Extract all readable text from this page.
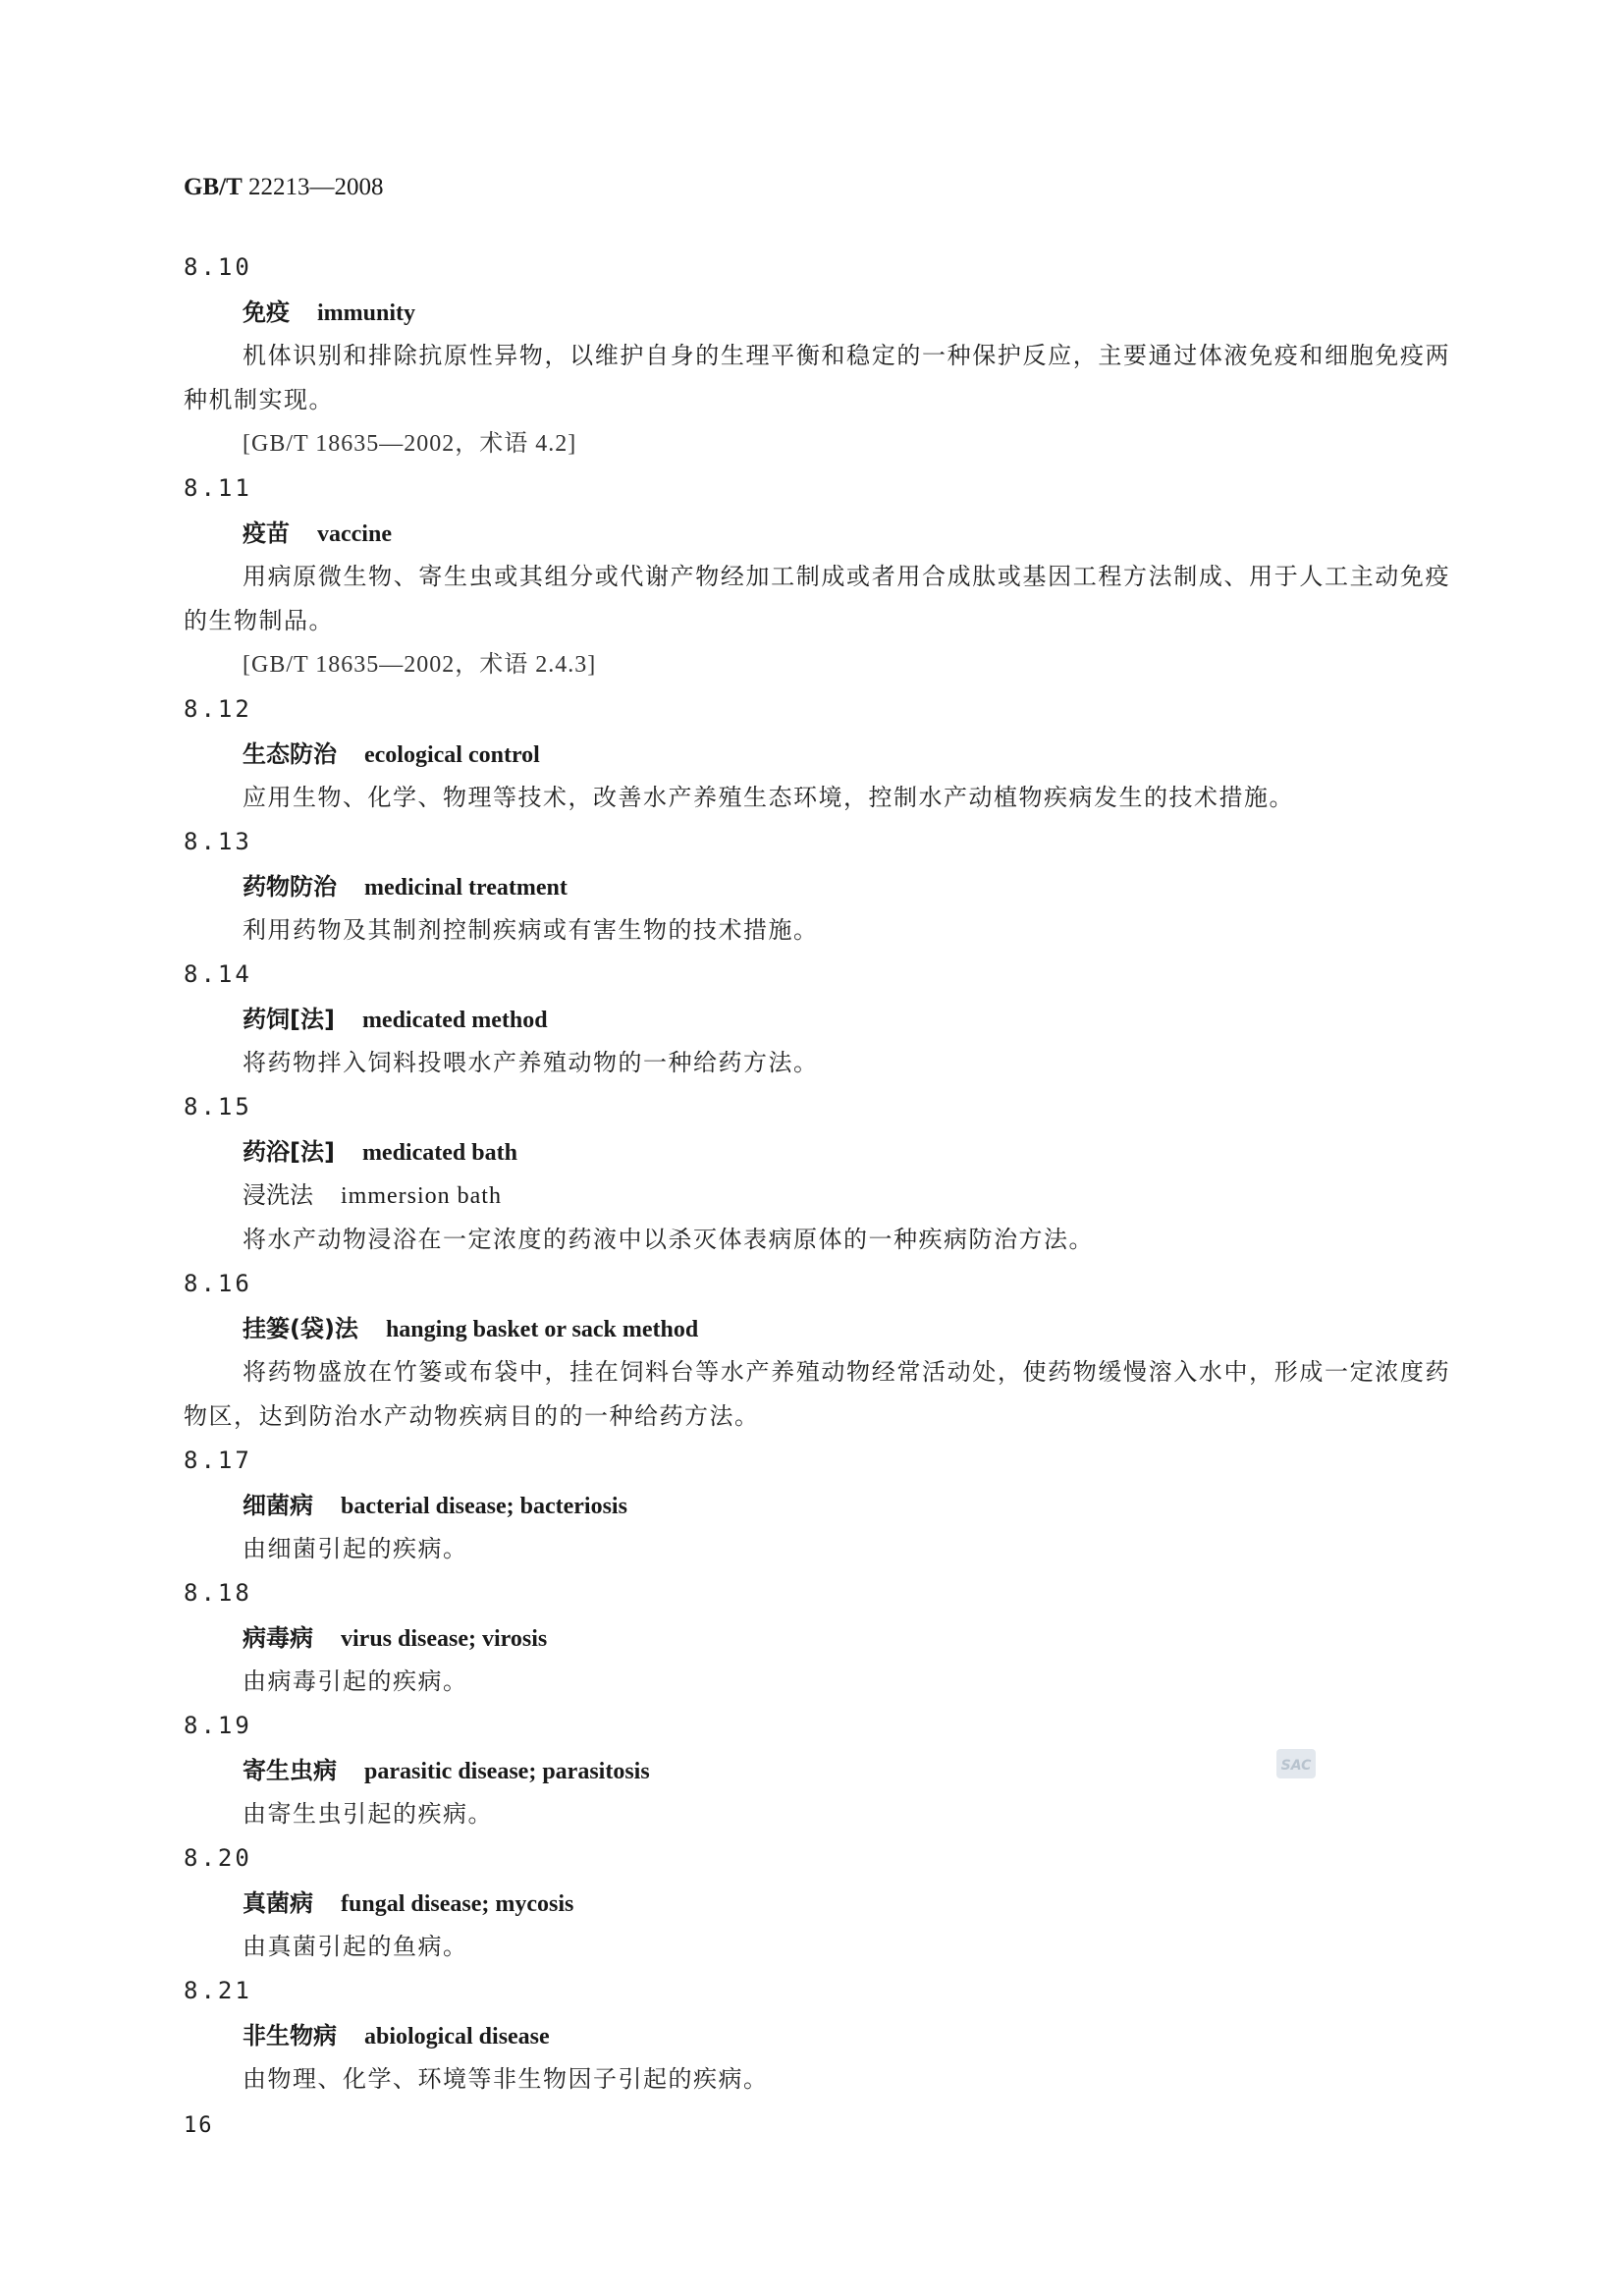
GB/T 22213—2008
8.10
免疫 immunity
机体识别和排除抗原性异物，以维护自身的生理平衡和稳定的一种保护反应，主要通过体液免疫和细胞免疫两种机制实现。
[GB/T 18635—2002，术语 4.2]
8.11
疫苗 vaccine
用病原微生物、寄生虫或其组分或代谢产物经加工制成或者用合成肽或基因工程方法制成、用于人工主动免疫的生物制品。
[GB/T 18635—2002，术语 2.4.3]
8.12
生态防治 ecological control
应用生物、化学、物理等技术，改善水产养殖生态环境，控制水产动植物疾病发生的技术措施。
8.13
药物防治 medicinal treatment
利用药物及其制剂控制疾病或有害生物的技术措施。
8.14
药饲[法] medicated method
将药物拌入饲料投喂水产养殖动物的一种给药方法。
8.15
药浴[法] medicated bath
浸洗法 immersion bath
将水产动物浸浴在一定浓度的药液中以杀灭体表病原体的一种疾病防治方法。
8.16
挂篓(袋)法 hanging basket or sack method
将药物盛放在竹篓或布袋中，挂在饲料台等水产养殖动物经常活动处，使药物缓慢溶入水中，形成一定浓度药物区，达到防治水产动物疾病目的的一种给药方法。
8.17
细菌病 bacterial disease; bacteriosis
由细菌引起的疾病。
8.18
病毒病 virus disease; virosis
由病毒引起的疾病。
8.19
寄生虫病 parasitic disease; parasitosis
由寄生虫引起的疾病。
8.20
真菌病 fungal disease; mycosis
由真菌引起的鱼病。
8.21
非生物病 abiological disease
由物理、化学、环境等非生物因子引起的疾病。
SAC
16
